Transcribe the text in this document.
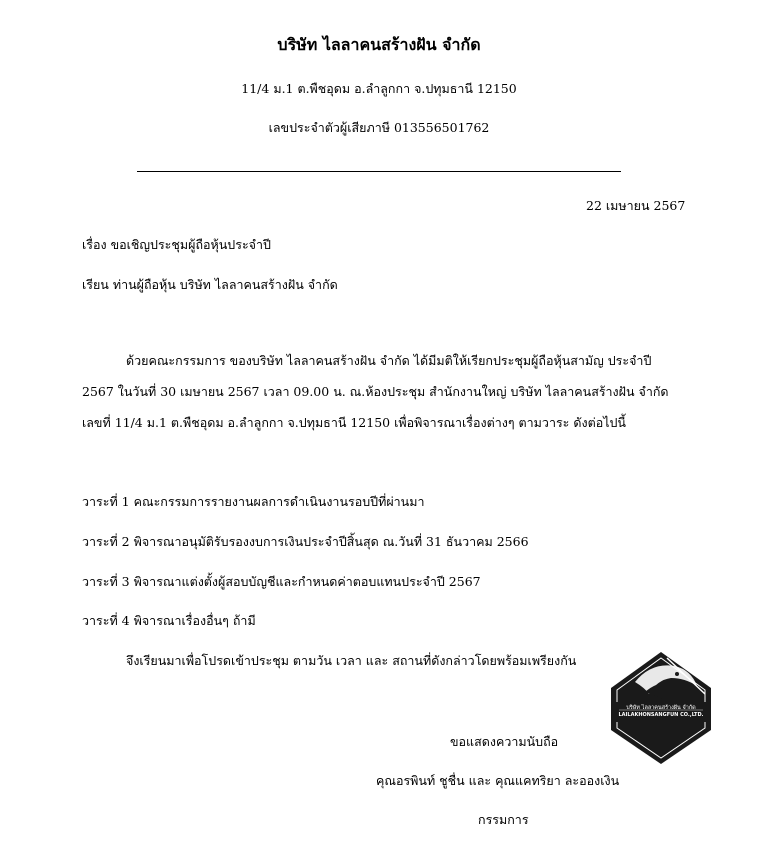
บริษัท ไลลาคนสร้างฝัน จำกัด
11/4 ม.1 ต.พืชอุดม อ.ลำลูกกา จ.ปทุมธานี 12150
เลขประจำตัวผู้เสียภาษี 013556501762
22 เมษายน 2567
เรื่อง ขอเชิญประชุมผู้ถือหุ้นประจำปี
เรียน ท่านผู้ถือหุ้น บริษัท ไลลาคนสร้างฝัน จำกัด
ด้วยคณะกรรมการ ของบริษัท ไลลาคนสร้างฝัน จำกัด ได้มีมติให้เรียกประชุมผู้ถือหุ้นสามัญ ประจำปี
2567 ในวันที่ 30 เมษายน 2567 เวลา 09.00 น. ณ.ห้องประชุม สำนักงานใหญ่ บริษัท ไลลาคนสร้างฝัน จำกัด
เลขที่ 11/4 ม.1 ต.พืชอุดม อ.ลำลูกกา จ.ปทุมธานี 12150 เพื่อพิจารณาเรื่องต่างๆ ตามวาระ ดังต่อไปนี้
วาระที่ 1 คณะกรรมการรายงานผลการดำเนินงานรอบปีที่ผ่านมา
วาระที่ 2 พิจารณาอนุมัติรับรองงบการเงินประจำปีสิ้นสุด ณ.วันที่ 31 ธันวาคม 2566
วาระที่ 3 พิจารณาแต่งตั้งผู้สอบบัญชีและกำหนดค่าตอบแทนประจำปี 2567
วาระที่ 4 พิจารณาเรื่องอื่นๆ ถ้ามี
จึงเรียนมาเพื่อโปรดเข้าประชุม ตามวัน เวลา และ สถานที่ดังกล่าวโดยพร้อมเพรียงกัน
บริษัท ไลลาคนสร้างฝัน จำกัด
LAILAKHONSANGFUN CO.,LTD.
ขอแสดงความนับถือ
คุณอรพินท์ ชูชื่น และ คุณแคทริยา ละอองเงิน
กรรมการ
